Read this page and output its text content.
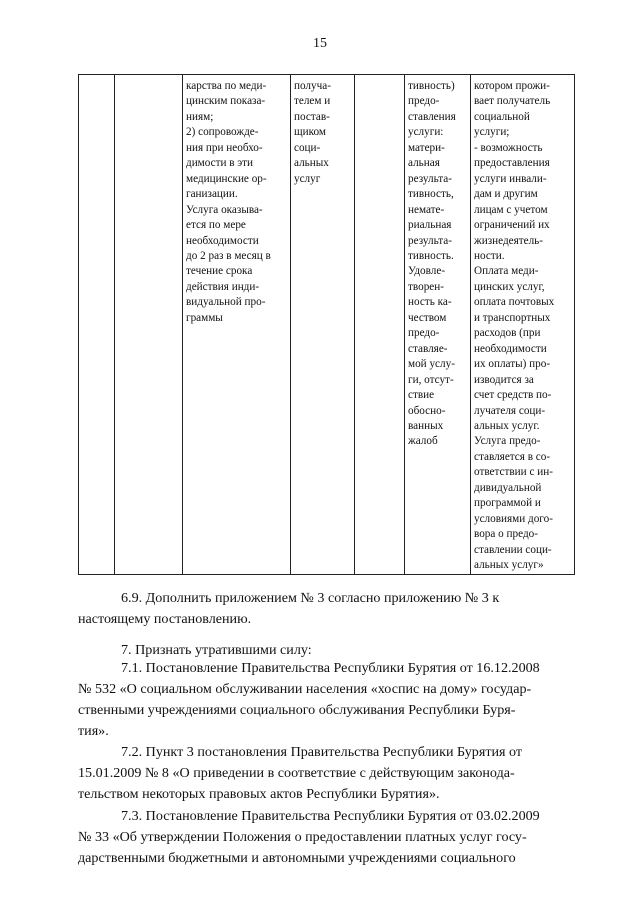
15
		карства по меди-
цинским показа-
ниям;
2) сопровожде-
ния при необхо-
димости в эти
медицинские ор-
ганизации.
Услуга оказыва-
ется по мере
необходимости
до 2 раз в месяц в
течение срока
действия инди-
видуальной про-
граммы	получа-
телем и
постав-
щиком
соци-
альных
услуг		тивность)
предо-
ставления
услуги:
матери-
альная
результа-
тивность,
немате-
риальная
результа-
тивность.
Удовле-
творен-
ность ка-
чеством
предо-
ставляе-
мой услу-
ги, отсут-
ствие
обосно-
ванных
жалоб	котором прожи-
вает получатель
социальной
услуги;
- возможность
предоставления
услуги инвали-
дам и другим
лицам с учетом
ограничений их
жизнедеятель-
ности.
Оплата меди-
цинских услуг,
оплата почтовых
и транспортных
расходов (при
необходимости
их оплаты) про-
изводится за
счет средств по-
лучателя соци-
альных услуг.
Услуга предо-
ставляется в со-
ответствии с ин-
дивидуальной
программой и
условиями дого-
вора о предо-
ставлении соци-
альных услуг»
6.9. Дополнить приложением № 3 согласно приложению № 3 к
настоящему постановлению.
7. Признать утратившими силу:
7.1. Постановление Правительства Республики Бурятия от 16.12.2008
№ 532 «О социальном обслуживании населения «хоспис на дому» государ-
ственными учреждениями социального обслуживания Республики Буря-
тия».
7.2. Пункт 3 постановления Правительства Республики Бурятия от
15.01.2009 № 8 «О приведении в соответствие с действующим законода-
тельством некоторых правовых актов Республики Бурятия».
7.3. Постановление Правительства Республики Бурятия от 03.02.2009
№ 33 «Об утверждении Положения о предоставлении платных услуг госу-
дарственными бюджетными и автономными учреждениями социального
